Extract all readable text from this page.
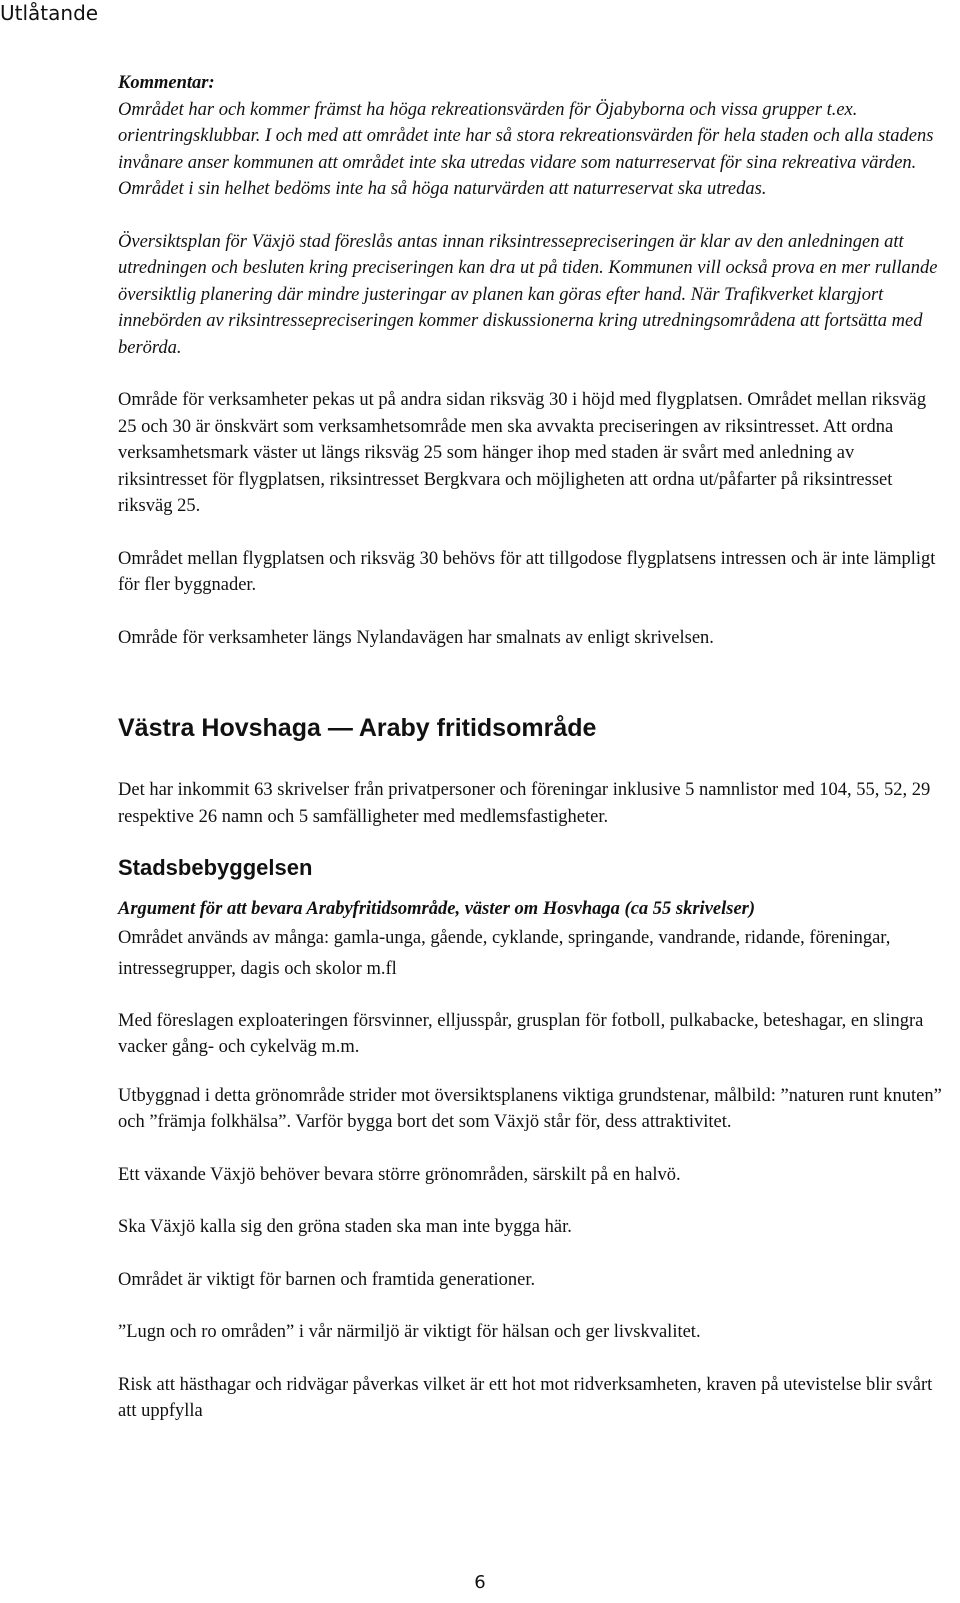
Utlåtande

Kommentar:

Området har och kommer främst ha höga rekreationsvärden för Öjabyborna och vissa grupper t.ex. orientringsklubbar. I och med att området inte har så stora rekreationsvärden för hela staden och alla stadens invånare anser kommunen att området inte ska utredas vidare som naturreservat för sina rekreativa värden. Området i sin helhet bedöms inte ha så höga naturvärden att naturreservat ska utredas.

Översiktsplan för Växjö stad föreslås antas innan riksintressepreciseringen är klar av den anledningen att utredningen och besluten kring preciseringen kan dra ut på tiden. Kommunen vill också prova en mer rullande översiktlig planering där mindre justeringar av planen kan göras efter hand. När Trafikverket klargjort innebörden av riksintressepreciseringen kommer diskussionerna kring utredningsområdena att fortsätta med berörda.

Område för verksamheter pekas ut på andra sidan riksväg 30 i höjd med flygplatsen. Området mellan riksväg 25 och 30 är önskvärt som verksamhetsområde men ska avvakta preciseringen av riksintresset. Att ordna verksamhetsmark väster ut längs riksväg 25 som hänger ihop med staden är svårt med anledning av riksintresset för flygplatsen, riksintresset Bergkvara och möjligheten att ordna ut/påfarter på riksintresset riksväg 25.

Området mellan flygplatsen och riksväg 30 behövs för att tillgodose flygplatsens intressen och är inte lämpligt för fler byggnader.

Område för verksamheter längs Nylandavägen har smalnats av enligt skrivelsen.

Västra Hovshaga — Araby fritidsområde

Det har inkommit 63 skrivelser från privatpersoner och föreningar inklusive 5 namnlistor med 104, 55, 52, 29 respektive 26 namn och 5 samfälligheter med medlemsfastigheter.

Stadsbebyggelsen

Argument för att bevara Arabyfritidsområde, väster om Hosvhaga (ca 55 skrivelser)

Området används av många: gamla-unga, gående, cyklande, springande, vandrande, ridande, föreningar, intressegrupper, dagis och skolor m.fl

Med föreslagen exploateringen försvinner, elljusspår, grusplan för fotboll, pulkabacke, beteshagar, en slingra vacker gång- och cykelväg m.m.

Utbyggnad i detta grönområde strider mot översiktsplanens viktiga grundstenar, målbild: ”naturen runt knuten” och ”främja folkhälsa”. Varför bygga bort det som Växjö står för, dess attraktivitet.

Ett växande Växjö behöver bevara större grönområden, särskilt på en halvö.

Ska Växjö kalla sig den gröna staden ska man inte bygga här.

Området är viktigt för barnen och framtida generationer.

”Lugn och ro områden” i vår närmiljö är viktigt för hälsan och ger livskvalitet.

Risk att hästhagar och ridvägar påverkas vilket är ett hot mot ridverksamheten, kraven på utevistelse blir svårt att uppfylla

6
